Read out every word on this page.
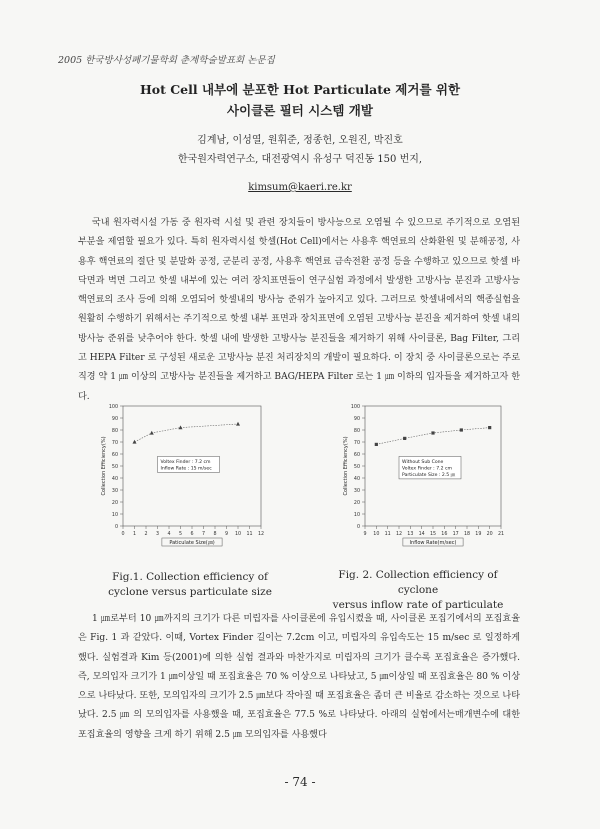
2005 한국방사성폐기물학회 춘계학술발표회 논문집
Hot Cell 내부에 분포한 Hot Particulate 제거를 위한
사이클론 필터 시스템 개발
김계남, 이성열, 원휘준, 정종헌, 오원진, 박진호
한국원자력연구소, 대전광역시 유성구 덕진동 150 번지,
kimsum@kaeri.re.kr

국내 원자력시설 가동 중 원자력 시설 및 관련 장치들이 방사능으로 오염될 수 있으므로 주기적으로 오염된 부분을 제염할 필요가 있다. 특히 원자력시설 핫셀(Hot Cell)에서는 사용후 핵연료의 산화환원 및 분해공정, 사용후 핵연료의 절단 및 분말화 공정, 군분리 공정, 사용후 핵연료 금속전환 공정 등을 수행하고 있으므로 핫셀 바닥면과 벽면 그리고 핫셀 내부에 있는 여러 장치표면들이 연구실험 과정에서 발생한 고방사능 분진과 고방사능 핵연료의 조사 등에 의해 오염되어 핫셀내의 방사능 준위가 높아지고 있다. 그러므로 핫셀내에서의 핵종실험을 원활히 수행하기 위해서는 주기적으로 핫셀 내부 표면과 장치표면에 오염된 고방사능 분진을 제거하여 핫셀 내의 방사능 준위를 낮추어야 한다. 핫셀 내에 발생한 고방사능 분진들을 제거하기 위해 사이클론, Bag Filter, 그리고 HEPA Filter 로 구성된 새로운 고방사능 분진 처리장치의 개발이 필요하다. 이 장치 중 사이클론으로는 주로 직경 약 1 ㎛ 이상의 고방사능 분진들을 제거하고 BAG/HEPA Filter 로는 1 ㎛ 이하의 입자들을 제거하고자 한다.

0
10
20
30
40
50
60
70
80
90
100
0 1 2 3 4 5 6 7 8 9 10 11 12
Collection Efficiency(%)
Paticulate Size(㎛)
Voltex Finder : 7.2 cm
Inflow Rate : 15 m/sec
0
10
20
30
40
50
60
70
80
90
100
9 10 11 12 13 14 15 16 17 18 19 20 21
Collection Efficiency(%)
Inflow Rate(m/sec)
Without Sub Cone
Voltex Finder : 7.2 cm
Particulate Size : 2.5 ㎛
Fig.1. Collection efficiency of
cyclone versus particulate size
Fig. 2. Collection efficiency of cyclone
versus inflow rate of particulate

1 ㎛로부터 10 ㎛까지의 크기가 다른 미립자를 사이클론에 유입시켰을 때, 사이클론 포집기에서의 포집효율은 Fig. 1 과 같았다. 이때, Vortex Finder 길이는 7.2cm 이고, 미립자의 유입속도는 15 m/sec 로 일정하게 했다. 실험결과 Kim 등(2001)에 의한 실험 결과와 마찬가지로 미립자의 크기가 클수록 포집효율은 증가했다. 즉, 모의입자 크기가 1 ㎛이상일 때 포집효율은 70 % 이상으로 나타났고, 5 ㎛이상일 때 포집효율은 80 % 이상으로 나타났다. 또한, 모의입자의 크기가 2.5 ㎛보다 작아질 때 포집효율은 좀더 큰 비율로 감소하는 것으로 나타났다. 2.5 ㎛ 의 모의입자를 사용했을 때, 포집효율은 77.5 %로 나타났다. 아래의 실험에서는매개변수에 대한 포집효율의 영향을 크게 하기 위해 2.5 ㎛ 모의입자를 사용했다

- 74 -
